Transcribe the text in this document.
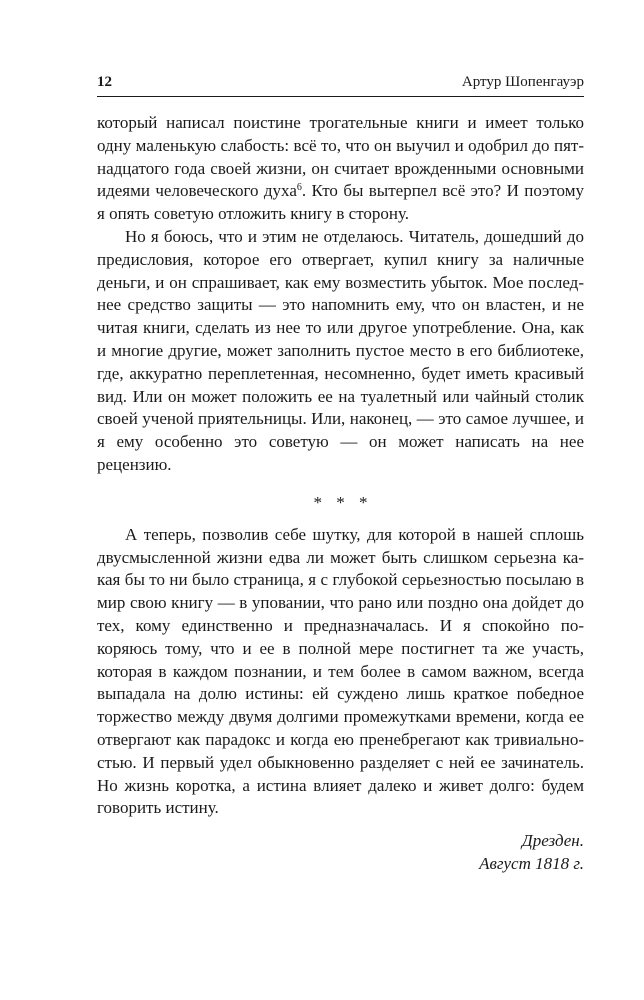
12	Артур Шопенгауэр

который написал поистине трогательные книги и имеет только одну маленькую слабость: всё то, что он выучил и одобрил до пятнадцатого года своей жизни, он считает врожденными основными идеями человеческого духа$^6$. Кто бы вытерпел всё это? И поэтому я опять советую отложить книгу в сторону.

Но я боюсь, что и этим не отделаюсь. Читатель, дошедший до предисловия, которое его отвергает, купил книгу за наличные деньги, и он спрашивает, как ему возместить убыток. Мое последнее средство защиты — это напомнить ему, что он властен, и не читая книги, сделать из нее то или другое употребление. Она, как и многие другие, может заполнить пустое место в его библиотеке, где, аккуратно переплетенная, несомненно, будет иметь красивый вид. Или он может положить ее на туалетный или чайный столик своей ученой приятельницы. Или, наконец, — это самое лучшее, и я ему особенно это советую — он может написать на нее рецензию.

* * *

А теперь, позволив себе шутку, для которой в нашей сплошь двусмысленной жизни едва ли может быть слишком серьезна какая бы то ни было страница, я с глубокой серьезностью посылаю в мир свою книгу — в уповании, что рано или поздно она дойдет до тех, кому единственно и предназначалась. И я спокойно покоряюсь тому, что и ее в полной мере постигнет та же участь, которая в каждом познании, и тем более в самом важном, всегда выпадала на долю истины: ей суждено лишь краткое победное торжество между двумя долгими промежутками времени, когда ее отвергают как парадокс и когда ею пренебрегают как тривиальностью. И первый удел обыкновенно разделяет с ней ее зачинатель. Но жизнь коротка, а истина влияет далеко и живет долго: будем говорить истину.

Дрезден.
Август 1818 г.
